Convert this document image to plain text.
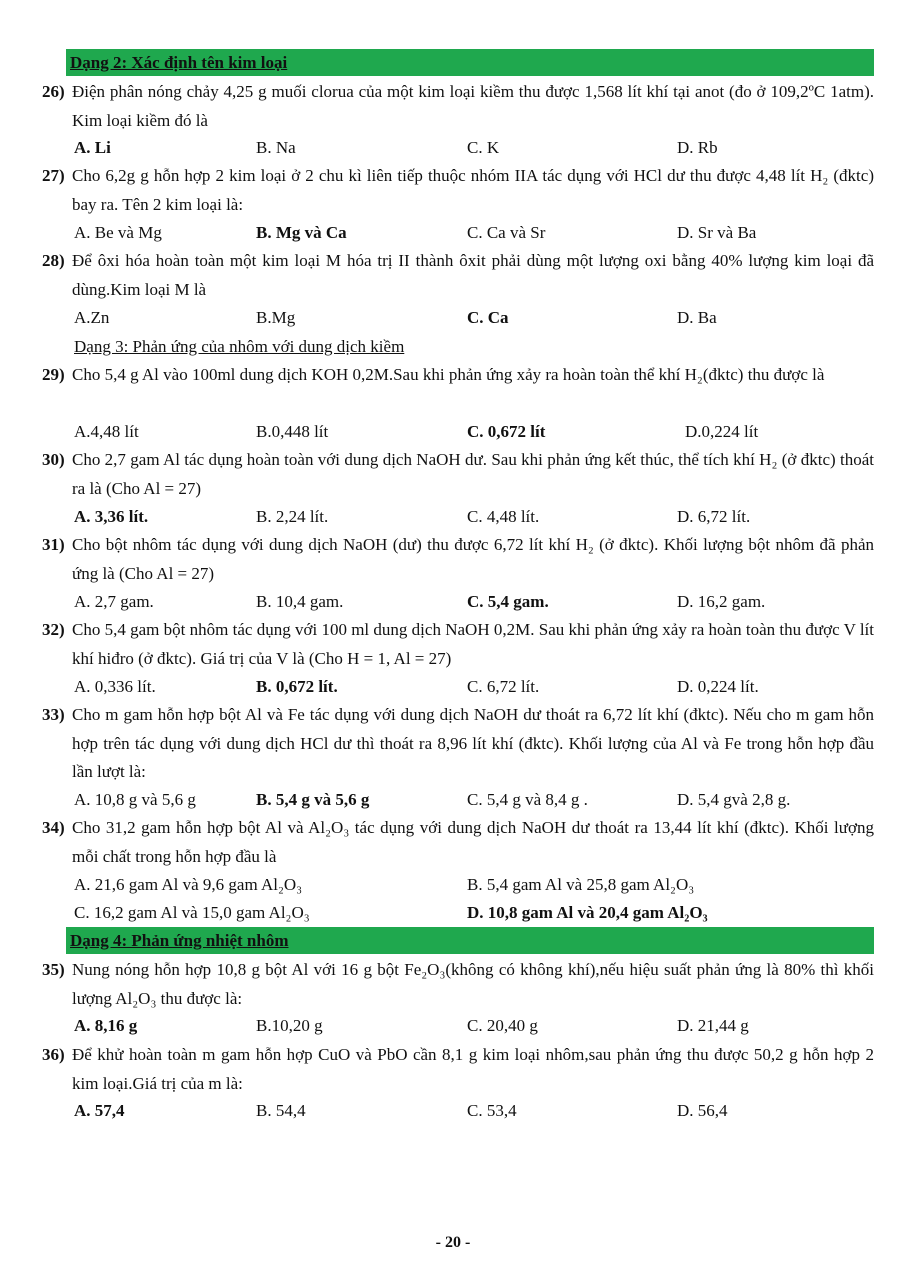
Dạng 2: Xác định tên kim loại
26) Điện phân nóng chảy 4,25 g muối clorua của một kim loại kiềm thu được 1,568 lít khí tại anot (đo ở 109,2ºC 1atm). Kim loại kiềm đó là
A. Li	B. Na	C. K	D. Rb
27) Cho 6,2g g hỗn hợp 2 kim loại ở 2 chu kì liên tiếp thuộc nhóm IIA tác dụng với HCl dư thu được 4,48 lít H₂ (đktc) bay ra. Tên 2 kim loại là:
A. Be và Mg	B. Mg và Ca	C. Ca và Sr	D. Sr và Ba
28) Để ôxi hóa hoàn toàn một kim loại M hóa trị II thành ôxit phải dùng một lượng oxi bằng 40% lượng kim loại đã dùng.Kim loại M là
A.Zn	B.Mg	C. Ca	D. Ba
Dạng 3: Phản ứng của nhôm với dung dịch kiềm
29) Cho 5,4 g Al vào 100ml dung dịch KOH 0,2M.Sau khi phản ứng xảy ra hoàn toàn thể khí H₂(đktc) thu được là
A.4,48 lít	B.0,448 lít	C. 0,672 lít	D.0,224 lít
30) Cho 2,7 gam Al tác dụng hoàn toàn với dung dịch NaOH dư. Sau khi phản ứng kết thúc, thể tích khí H₂ (ở đktc) thoát ra là (Cho Al = 27)
A. 3,36 lít.	B. 2,24 lít.	C. 4,48 lít.	D. 6,72 lít.
31) Cho bột nhôm tác dụng với dung dịch NaOH (dư) thu được 6,72 lít khí H₂ (ở đktc). Khối lượng bột nhôm đã phản ứng là (Cho Al = 27)
A. 2,7 gam.	B. 10,4 gam.	C. 5,4 gam.	D. 16,2 gam.
32) Cho 5,4 gam bột nhôm tác dụng với 100 ml dung dịch NaOH 0,2M. Sau khi phản ứng xảy ra hoàn toàn thu được V lít khí hiđro (ở đktc). Giá trị của V là (Cho H = 1, Al = 27)
A. 0,336 lít.	B. 0,672 lít.	C. 6,72 lít.	D. 0,224 lít.
33) Cho m gam hỗn hợp bột Al và Fe tác dụng với dung dịch NaOH dư thoát ra 6,72 lít khí (đktc). Nếu cho m gam hỗn hợp trên tác dụng với dung dịch HCl dư thì thoát ra 8,96 lít khí (đktc). Khối lượng của Al và Fe trong hỗn hợp đầu lần lượt là:
A. 10,8 g và 5,6 g	B. 5,4 g và 5,6 g	C. 5,4 g và 8,4 g .	D. 5,4 gvà 2,8 g.
34) Cho 31,2 gam hỗn hợp bột Al và Al₂O₃ tác dụng với dung dịch NaOH dư thoát ra 13,44 lít khí (đktc). Khối lượng mỗi chất trong hỗn hợp đầu là
A. 21,6 gam Al và 9,6 gam Al₂O₃	B. 5,4 gam Al và 25,8 gam Al₂O₃
C. 16,2 gam Al và 15,0 gam Al₂O₃	D. 10,8 gam Al và 20,4 gam Al₂O₃
Dạng 4: Phản ứng nhiệt nhôm
35) Nung nóng hỗn hợp 10,8 g bột Al với 16 g bột Fe₂O₃(không có không khí),nếu hiệu suất phản ứng là 80% thì khối lượng Al₂O₃ thu được là:
A. 8,16 g	B.10,20 g	C. 20,40 g	D. 21,44 g
36) Để khử hoàn toàn m gam hỗn hợp CuO và PbO cần 8,1 g kim loại nhôm,sau phản ứng thu được 50,2 g hỗn hợp 2 kim loại.Giá trị của m là:
A. 57,4	B. 54,4	C. 53,4	D. 56,4
- 20 -
